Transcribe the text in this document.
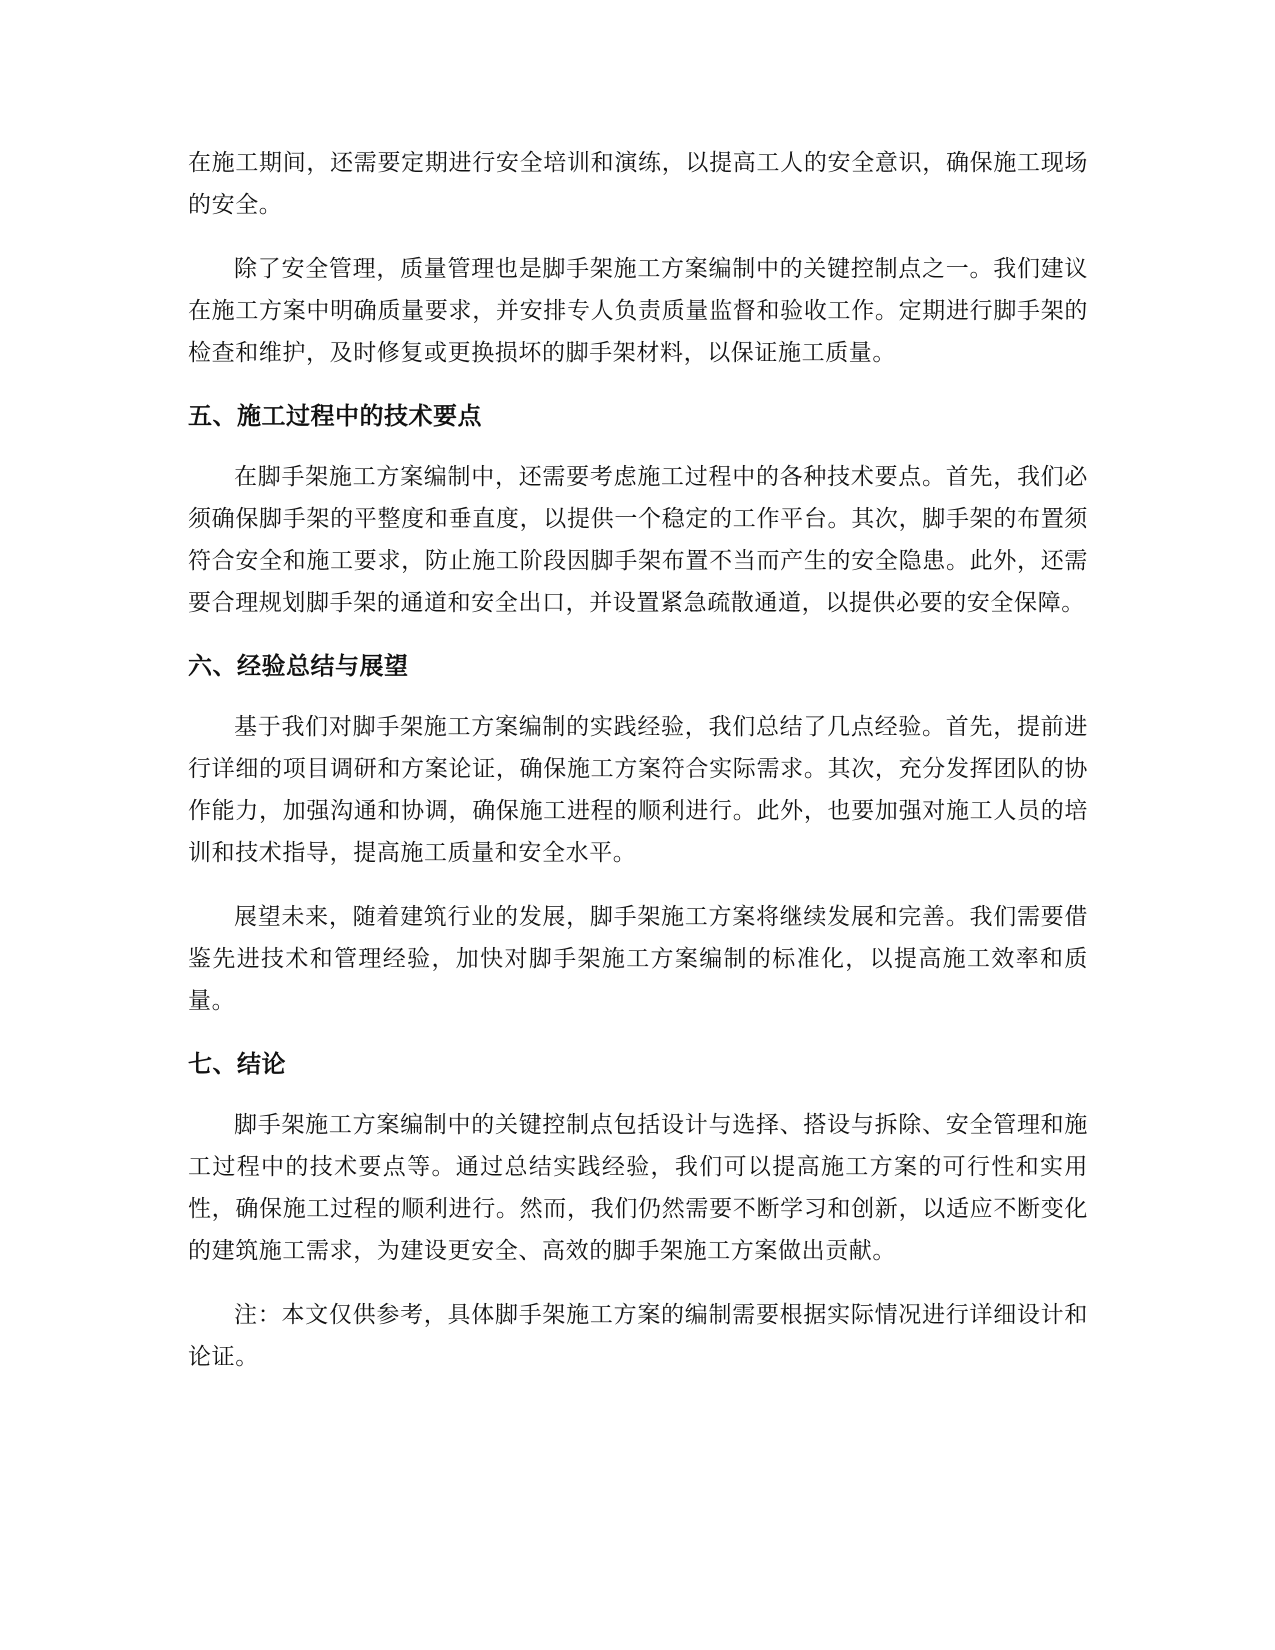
在施工期间，还需要定期进行安全培训和演练，以提高工人的安全意识，确保施工现场的安全。

除了安全管理，质量管理也是脚手架施工方案编制中的关键控制点之一。我们建议在施工方案中明确质量要求，并安排专人负责质量监督和验收工作。定期进行脚手架的检查和维护，及时修复或更换损坏的脚手架材料，以保证施工质量。

五、施工过程中的技术要点

在脚手架施工方案编制中，还需要考虑施工过程中的各种技术要点。首先，我们必须确保脚手架的平整度和垂直度，以提供一个稳定的工作平台。其次，脚手架的布置须符合安全和施工要求，防止施工阶段因脚手架布置不当而产生的安全隐患。此外，还需要合理规划脚手架的通道和安全出口，并设置紧急疏散通道，以提供必要的安全保障。

六、经验总结与展望

基于我们对脚手架施工方案编制的实践经验，我们总结了几点经验。首先，提前进行详细的项目调研和方案论证，确保施工方案符合实际需求。其次，充分发挥团队的协作能力，加强沟通和协调，确保施工进程的顺利进行。此外，也要加强对施工人员的培训和技术指导，提高施工质量和安全水平。

展望未来，随着建筑行业的发展，脚手架施工方案将继续发展和完善。我们需要借鉴先进技术和管理经验，加快对脚手架施工方案编制的标准化，以提高施工效率和质量。

七、结论

脚手架施工方案编制中的关键控制点包括设计与选择、搭设与拆除、安全管理和施工过程中的技术要点等。通过总结实践经验，我们可以提高施工方案的可行性和实用性，确保施工过程的顺利进行。然而，我们仍然需要不断学习和创新，以适应不断变化的建筑施工需求，为建设更安全、高效的脚手架施工方案做出贡献。

注：本文仅供参考，具体脚手架施工方案的编制需要根据实际情况进行详细设计和论证。
